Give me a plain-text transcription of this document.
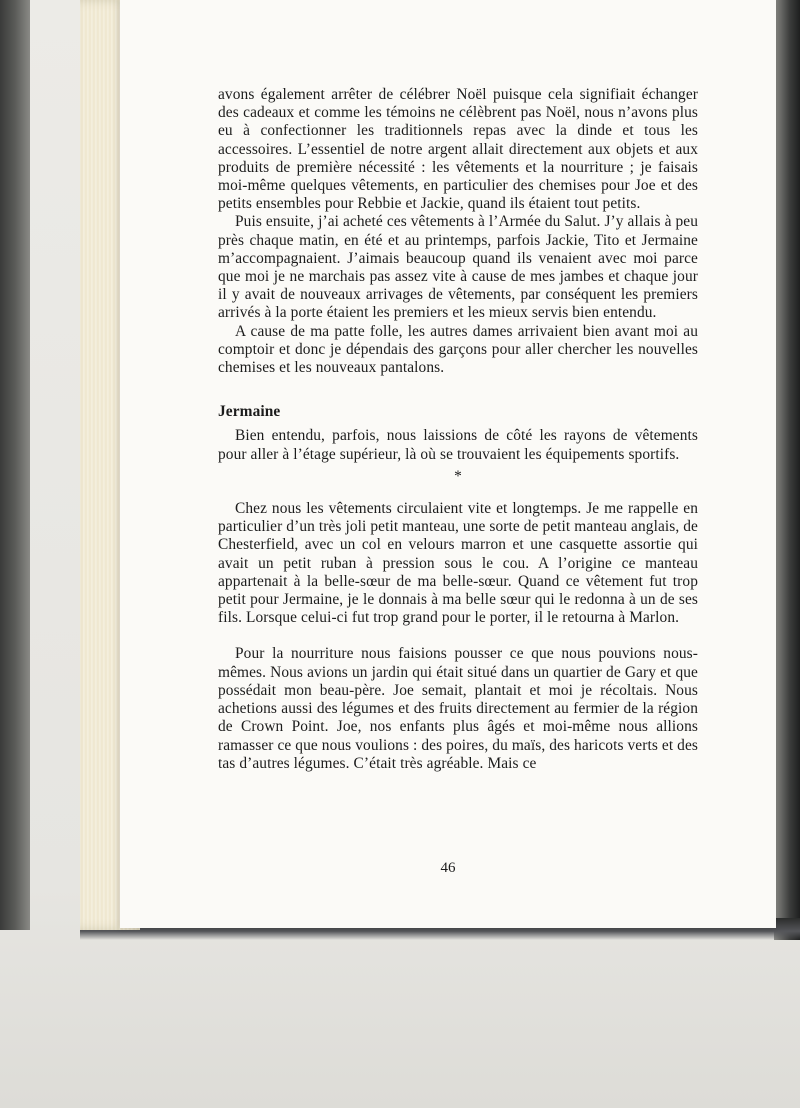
avons également arrêter de célébrer Noël puisque cela signifiait échanger des cadeaux et comme les témoins ne célèbrent pas Noël, nous n’avons plus eu à confectionner les traditionnels repas avec la dinde et tous les accessoires. L’essentiel de notre argent allait directement aux objets et aux produits de première nécessité : les vêtements et la nourriture ; je faisais moi-même quelques vêtements, en particulier des chemises pour Joe et des petits ensembles pour Rebbie et Jackie, quand ils étaient tout petits.

Puis ensuite, j’ai acheté ces vêtements à l’Armée du Salut. J’y allais à peu près chaque matin, en été et au printemps, parfois Jackie, Tito et Jermaine m’accompagnaient. J’aimais beaucoup quand ils venaient avec moi parce que moi je ne marchais pas assez vite à cause de mes jambes et chaque jour il y avait de nouveaux arrivages de vêtements, par conséquent les premiers arrivés à la porte étaient les premiers et les mieux servis bien entendu.

A cause de ma patte folle, les autres dames arrivaient bien avant moi au comptoir et donc je dépendais des garçons pour aller chercher les nouvelles chemises et les nouveaux pantalons.

Jermaine

Bien entendu, parfois, nous laissions de côté les rayons de vêtements pour aller à l’étage supérieur, là où se trouvaient les équipements sportifs.

*

Chez nous les vêtements circulaient vite et longtemps. Je me rappelle en particulier d’un très joli petit manteau, une sorte de petit manteau anglais, de Chesterfield, avec un col en velours marron et une casquette assortie qui avait un petit ruban à pression sous le cou. A l’origine ce manteau appartenait à la belle-sœur de ma belle-sœur. Quand ce vêtement fut trop petit pour Jermaine, je le donnais à ma belle sœur qui le redonna à un de ses fils. Lorsque celui-ci fut trop grand pour le porter, il le retourna à Marlon.

Pour la nourriture nous faisions pousser ce que nous pouvions nous-mêmes. Nous avions un jardin qui était situé dans un quartier de Gary et que possédait mon beau-père. Joe semait, plantait et moi je récoltais. Nous achetions aussi des légumes et des fruits directement au fermier de la région de Crown Point. Joe, nos enfants plus âgés et moi-même nous allions ramasser ce que nous voulions : des poires, du maïs, des haricots verts et des tas d’autres légumes. C’était très agréable. Mais ce

46
